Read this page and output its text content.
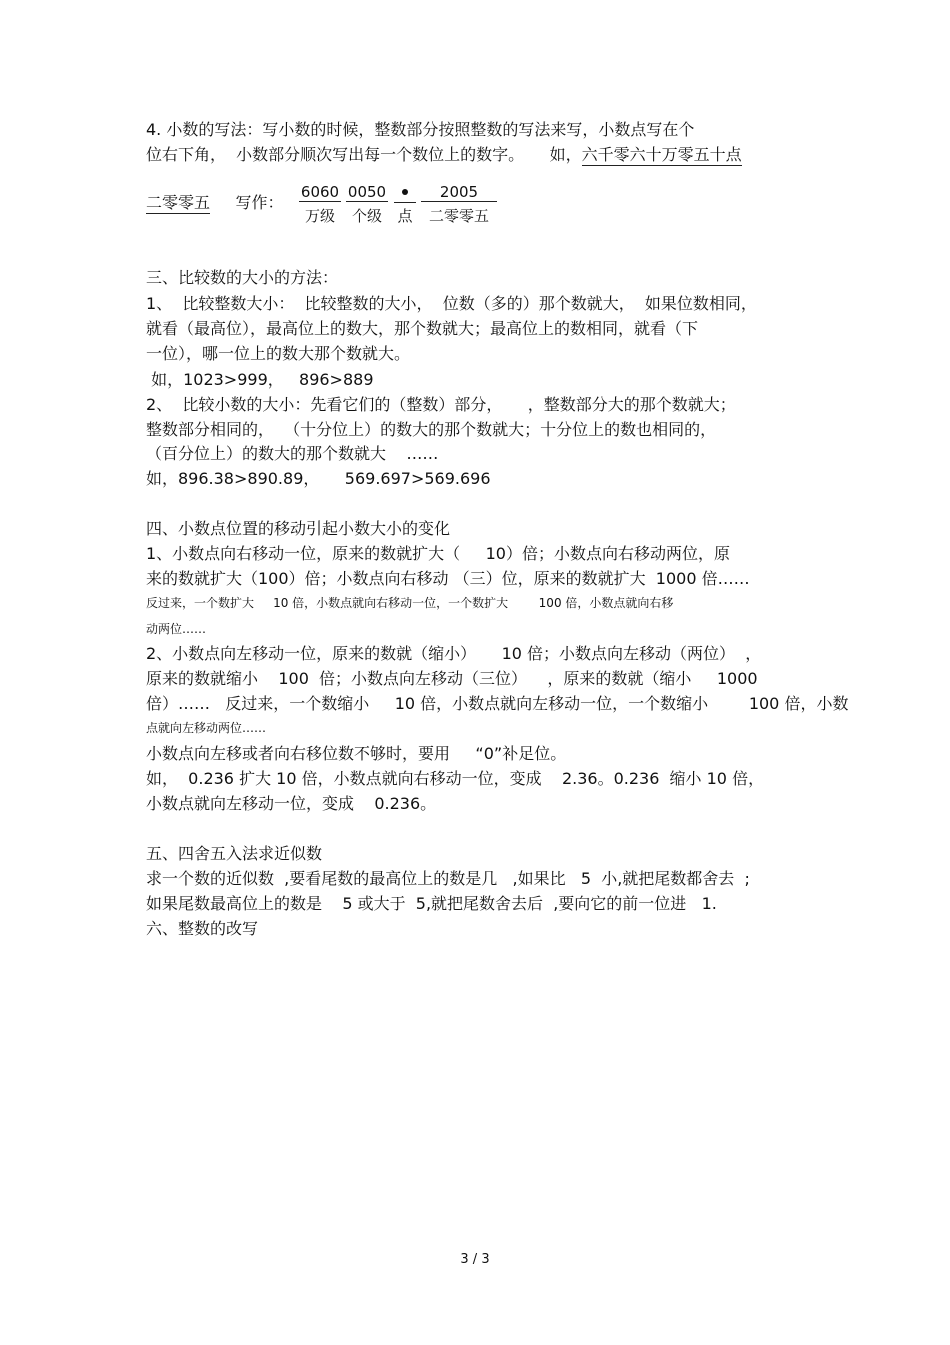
4. 小数的写法：写小数的时候，整数部分按照整数的写法来写，小数点写在个
位右下角，  小数部分顺次写出每一个数位上的数字。     如，六千零六十万零五十点
二零零五 写作：
6060
万级
0050
个级	点
2005
二零零五
三、比较数的大小的方法：
1、  比较整数大小：  比较整数的大小，  位数（多的）那个数就大，  如果位数相同，
就看（最高位），最高位上的数大，那个数就大；最高位上的数相同，就看（下
一位），哪一位上的数大那个数就大。
如，1023>999，   896>889
2、  比较小数的大小：先看它们的（整数）部分，     ，整数部分大的那个数就大；
整数部分相同的，  （十分位上）的数大的那个数就大；十分位上的数也相同的，
（百分位上）的数大的那个数就大    ……
如，896.38>890.89，     569.697>569.696
四、小数点位置的移动引起小数大小的变化
1、小数点向右移动一位，原来的数就扩大（     10）倍；小数点向右移动两位，原
来的数就扩大（100）倍；小数点向右移动 （三）位，原来的数就扩大  1000 倍……
反过来，一个数扩大     10 倍，小数点就向右移动一位，一个数扩大        100 倍，小数点就向右移
动两位……
2、小数点向左移动一位，原来的数就（缩小）     10 倍；小数点向左移动（两位）  ，
原来的数就缩小    100  倍；小数点向左移动（三位）    ，原来的数就（缩小     1000
倍）……   反过来，一个数缩小     10 倍，小数点就向左移动一位，一个数缩小        100 倍，小数
点就向左移动两位……
小数点向左移或者向右移位数不够时，要用     “0”补足位。
如，  0.236 扩大 10 倍，小数点就向右移动一位，变成    2.36。0.236  缩小 10 倍，
小数点就向左移动一位，变成    0.236。
五、四舍五入法求近似数
求一个数的近似数  ,要看尾数的最高位上的数是几   ,如果比   5  小,就把尾数都舍去  ;
如果尾数最高位上的数是    5 或大于  5,就把尾数舍去后  ,要向它的前一位进   1.
六、整数的改写
3 / 3
